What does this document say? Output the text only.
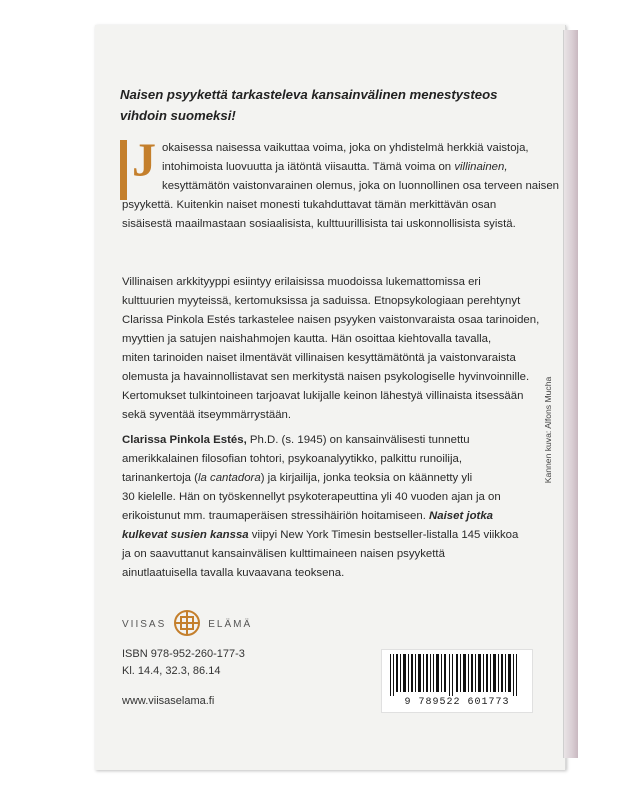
Naisen psyykettä tarkasteleva kansainvälinen menestysteos
vihdoin suomeksi!
Jokaisessa naisessa vaikuttaa voima, joka on yhdistelmä herkkiä vaistoja,
intohimoista luovuutta ja iätöntä viisautta. Tämä voima on villinainen,
kesyttämätön vaistonvarainen olemus, joka on luonnollinen osa terveen naisen
psyykettä. Kuitenkin naiset monesti tukahduttavat tämän merkittävän osan
sisäisestä maailmastaan sosiaalisista, kulttuurillisista tai uskonnollisista syistä.
Villinaisen arkkityyppi esiintyy erilaisissa muodoissa lukemattomissa eri
kulttuurien myyteissä, kertomuksissa ja saduissa. Etnopsykologiaan perehtynyt
Clarissa Pinkola Estés tarkastelee naisen psyyken vaistonvaraista osaa tarinoiden,
myyttien ja satujen naishahmojen kautta. Hän osoittaa kiehtovalla tavalla,
miten tarinoiden naiset ilmentävät villinaisen kesyttämätöntä ja vaistonvaraista
olemusta ja havainnollistavat sen merkitystä naisen psykologiselle hyvinvoinnille.
Kertomukset tulkintoineen tarjoavat lukijalle keinon lähestyä villinaista itsessään
sekä syventää itseymmärrystään.
Clarissa Pinkola Estés, Ph.D. (s. 1945) on kansainvälisesti tunnettu
amerikkalainen filosofian tohtori, psykoanalyytikko, palkittu runoilija,
tarinankertoja (la cantadora) ja kirjailija, jonka teoksia on käännetty yli
30 kielelle. Hän on työskennellyt psykoterapeuttina yli 40 vuoden ajan ja on
erikoistunut mm. traumaperäisen stressihäiriön hoitamiseen. Naiset jotka
kulkevat susien kanssa viipyi New York Timesin bestseller-listalla 145 viikkoa
ja on saavuttanut kansainvälisen kulttimaineen naisen psyykettä
ainutlaatuisella tavalla kuvaavana teoksena.
VIISAS	ELÄMÄ
ISBN 978-952-260-177-3
Kl. 14.4, 32.3, 86.14
www.viisaselama.fi	9 789522 601773
Kannen kuva: Alfons Mucha
